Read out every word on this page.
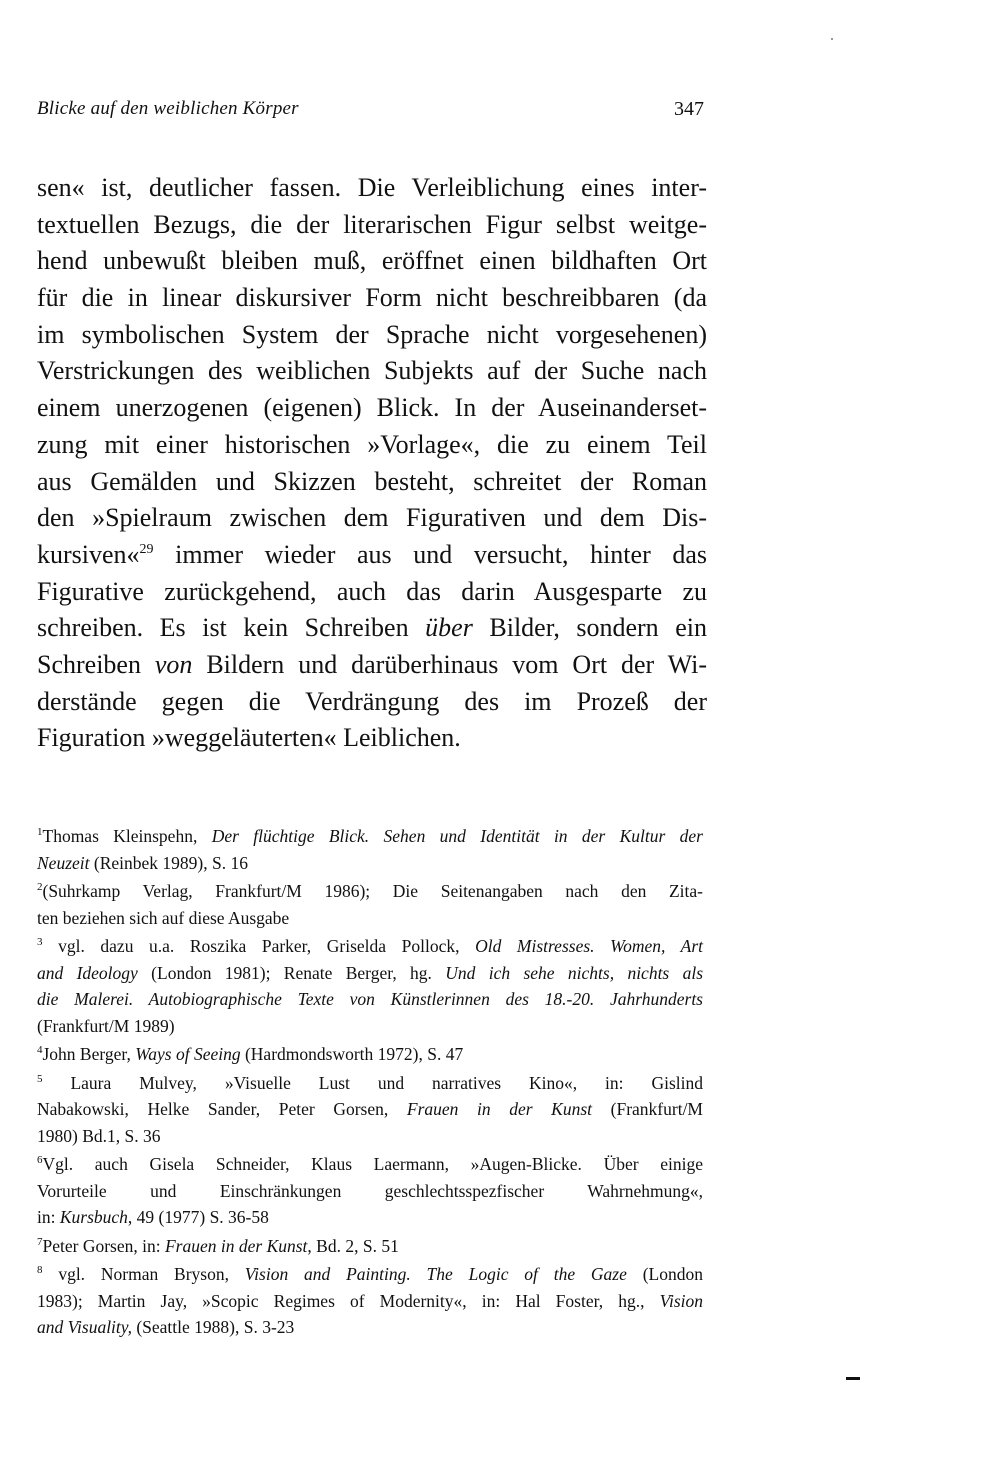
Blicke auf den weiblichen Körper	347
sen« ist, deutlicher fassen. Die Verleiblichung eines inter-
textuellen Bezugs, die der literarischen Figur selbst weitge-
hend unbewußt bleiben muß, eröffnet einen bildhaften Ort
für die in linear diskursiver Form nicht beschreibbaren (da
im symbolischen System der Sprache nicht vorgesehenen)
Verstrickungen des weiblichen Subjekts auf der Suche nach
einem unerzogenen (eigenen) Blick. In der Auseinanderset-
zung mit einer historischen »Vorlage«, die zu einem Teil
aus Gemälden und Skizzen besteht, schreitet der Roman
den »Spielraum zwischen dem Figurativen und dem Dis-
kursiven«$^{29}$ immer wieder aus und versucht, hinter das
Figurative zurückgehend, auch das darin Ausgesparte zu
schreiben. Es ist kein Schreiben über Bilder, sondern ein
Schreiben von Bildern und darüberhinaus vom Ort der Wi-
derstände gegen die Verdrängung des im Prozeß der
Figuration »weggeläuterten« Leiblichen.
$^1$Thomas Kleinspehn, Der flüchtige Blick. Sehen und Identität in der Kultur der
Neuzeit (Reinbek 1989), S. 16
$^2$(Suhrkamp Verlag, Frankfurt/M 1986); Die Seitenangaben nach den Zita-
ten beziehen sich auf diese Ausgabe
$^3$ vgl. dazu u.a. Roszika Parker, Griselda Pollock, Old Mistresses. Women, Art
and Ideology (London 1981); Renate Berger, hg. Und ich sehe nichts, nichts als
die Malerei. Autobiographische Texte von Künstlerinnen des 18.-20. Jahrhunderts
(Frankfurt/M 1989)
$^4$John Berger, Ways of Seeing (Hardmondsworth 1972), S. 47
$^5$ Laura Mulvey, »Visuelle Lust und narratives Kino«, in: Gislind
Nabakowski, Helke Sander, Peter Gorsen, Frauen in der Kunst (Frankfurt/M
1980) Bd.1, S. 36
$^6$Vgl. auch Gisela Schneider, Klaus Laermann, »Augen-Blicke. Über einige
Vorurteile und Einschränkungen geschlechtsspezfischer Wahrnehmung«,
in: Kursbuch, 49 (1977) S. 36-58
$^7$Peter Gorsen, in: Frauen in der Kunst, Bd. 2, S. 51
$^8$ vgl. Norman Bryson, Vision and Painting. The Logic of the Gaze (London
1983); Martin Jay, »Scopic Regimes of Modernity«, in: Hal Foster, hg., Vision
and Visuality, (Seattle 1988), S. 3-23
